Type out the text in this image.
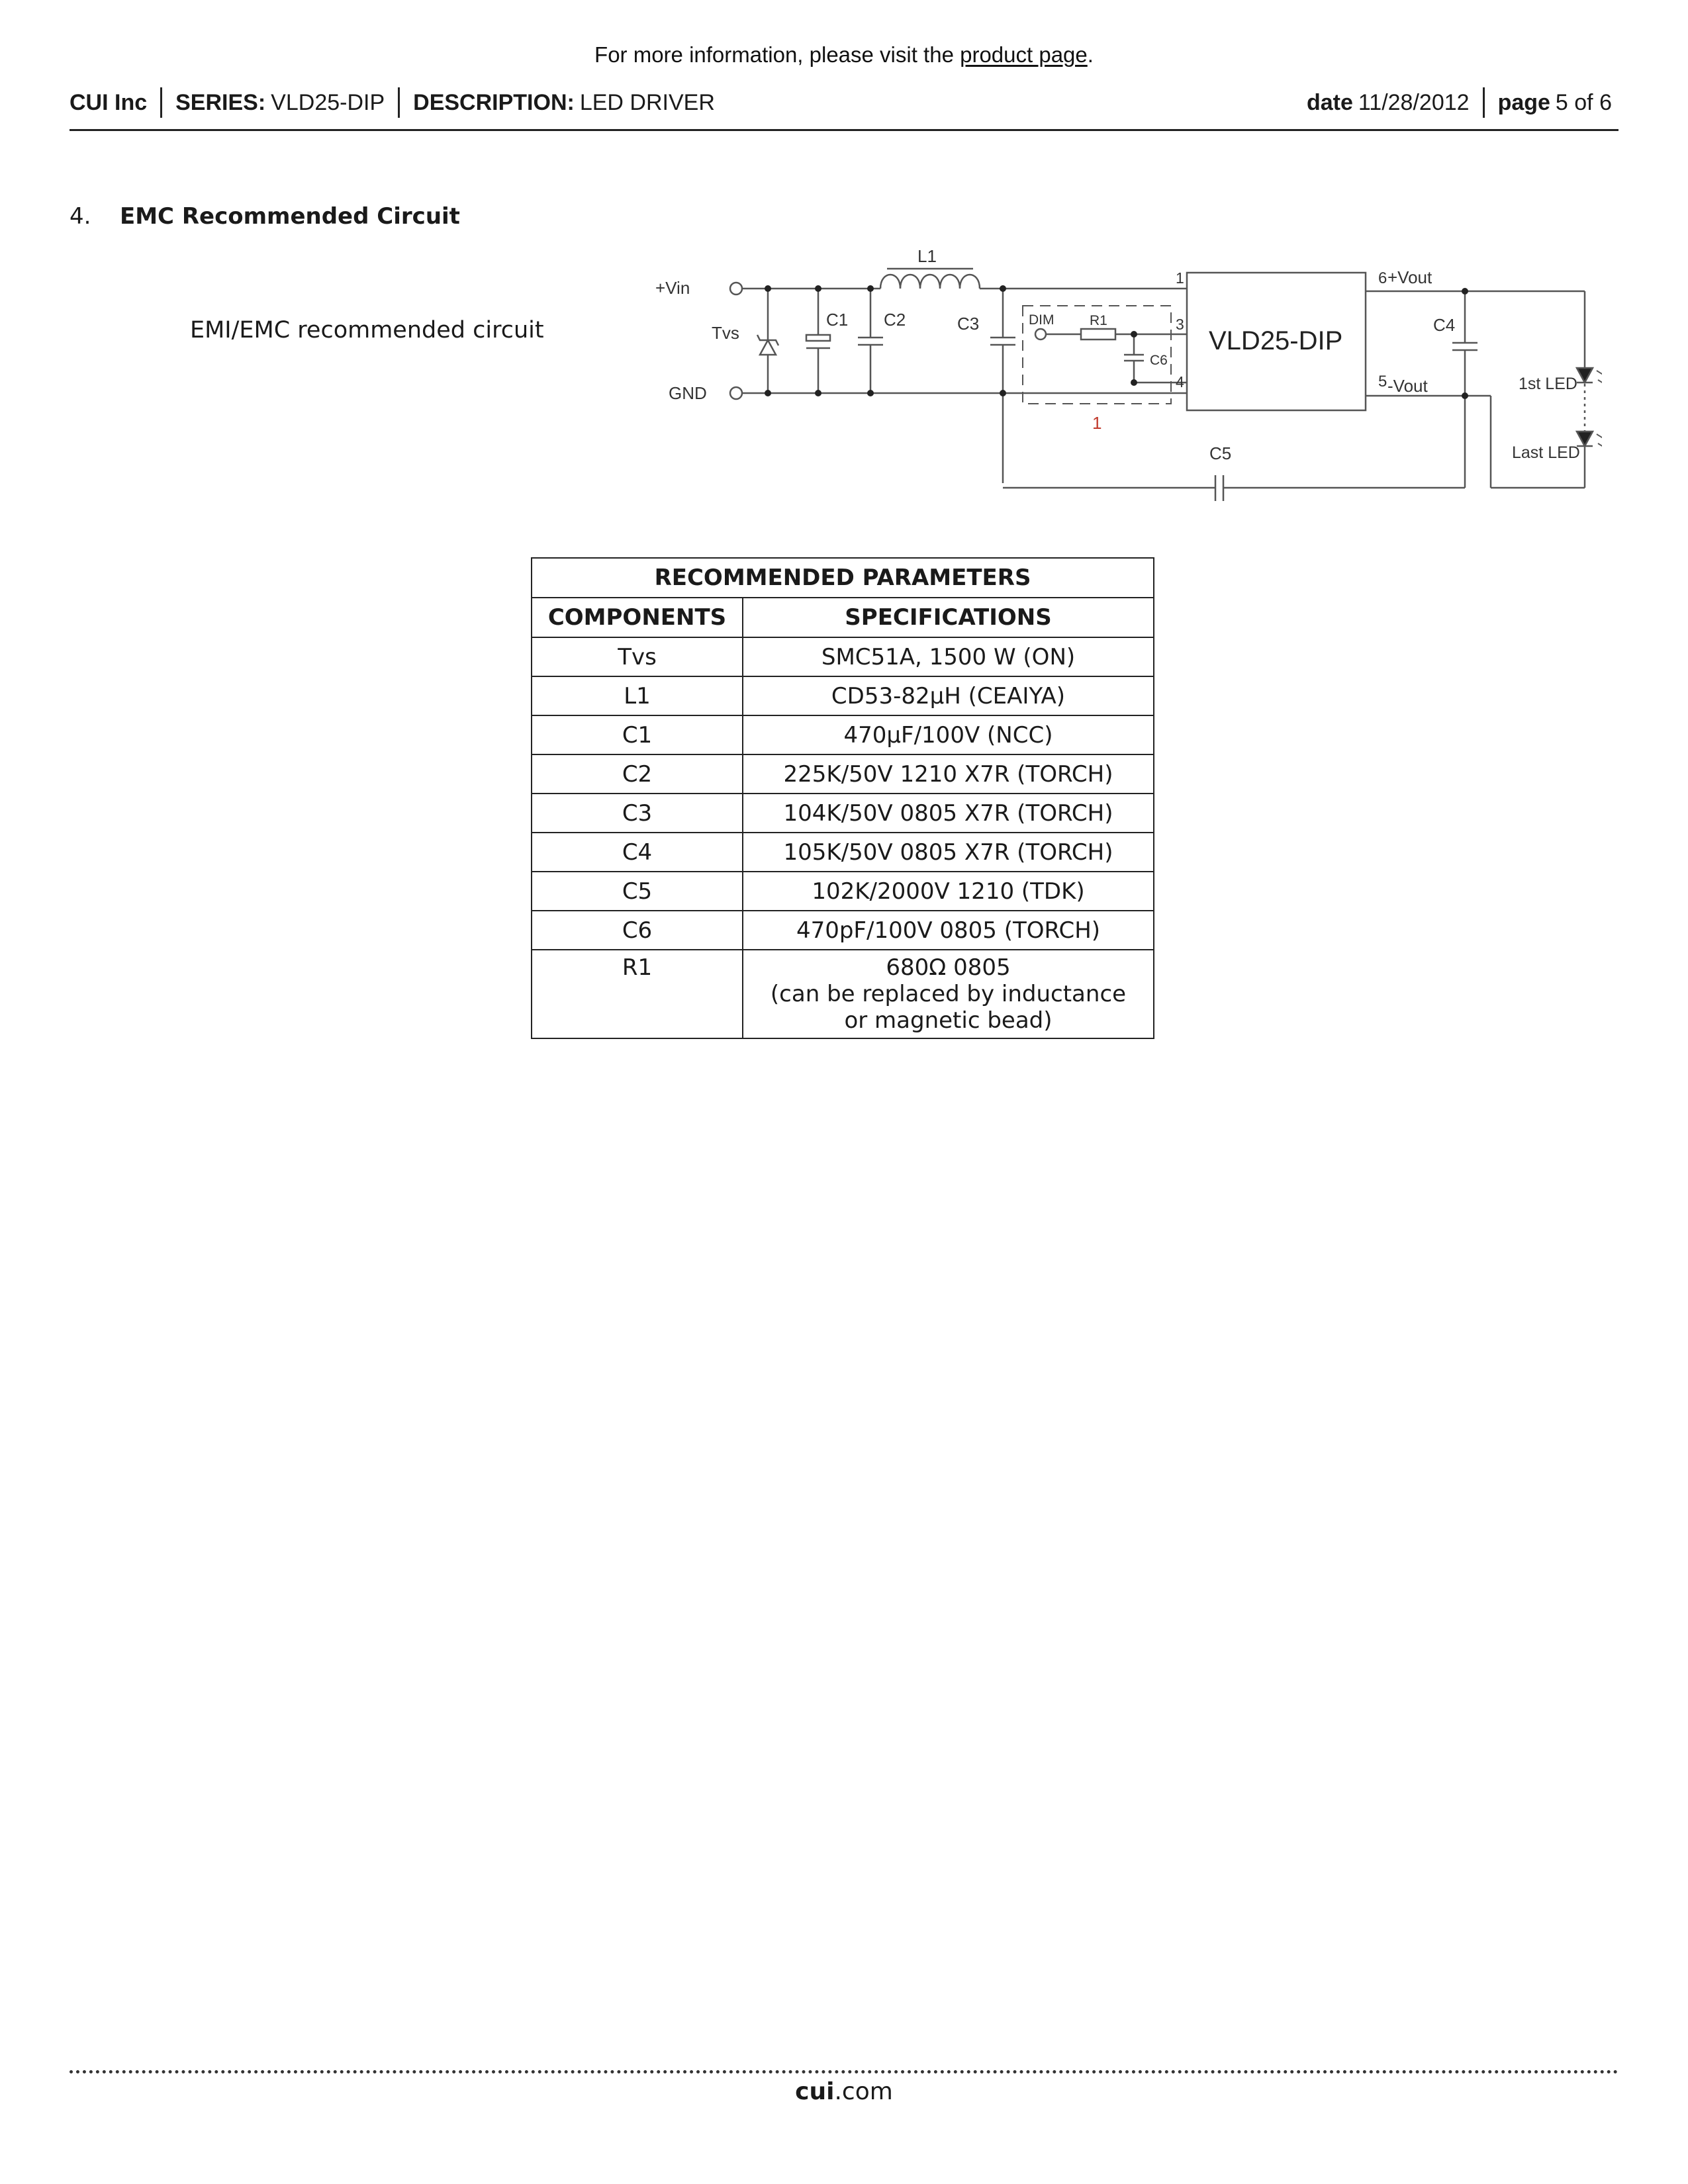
For more information, please visit the product page.
CUI Inc SERIES: VLD25-DIP DESCRIPTION: LED DRIVER	date 11/28/2012 page 5 of 6
4. EMC Recommended Circuit
EMI/EMC recommended circuit
+Vin
GND
Tvs
C1 C2
L1
C3
1
DIM	R1
C6
VLD25-DIP
1
3
4
6 +Vout
5 -Vout
C4
1st LED
Last LED
C5
RECOMMENDED PARAMETERS	
COMPONENTS	SPECIFICATIONS
Tvs	SMC51A, 1500 W (ON)
L1	CD53-82μH (CEAIYA)
C1	470μF/100V (NCC)
C2	225K/50V 1210 X7R (TORCH)
C3	104K/50V 0805 X7R (TORCH)
C4	105K/50V 0805 X7R (TORCH)
C5	102K/2000V 1210 (TDK)
C6	470pF/100V 0805 (TORCH)
R1	680Ω 0805
(can be replaced by inductance
or magnetic bead)
cui.com
